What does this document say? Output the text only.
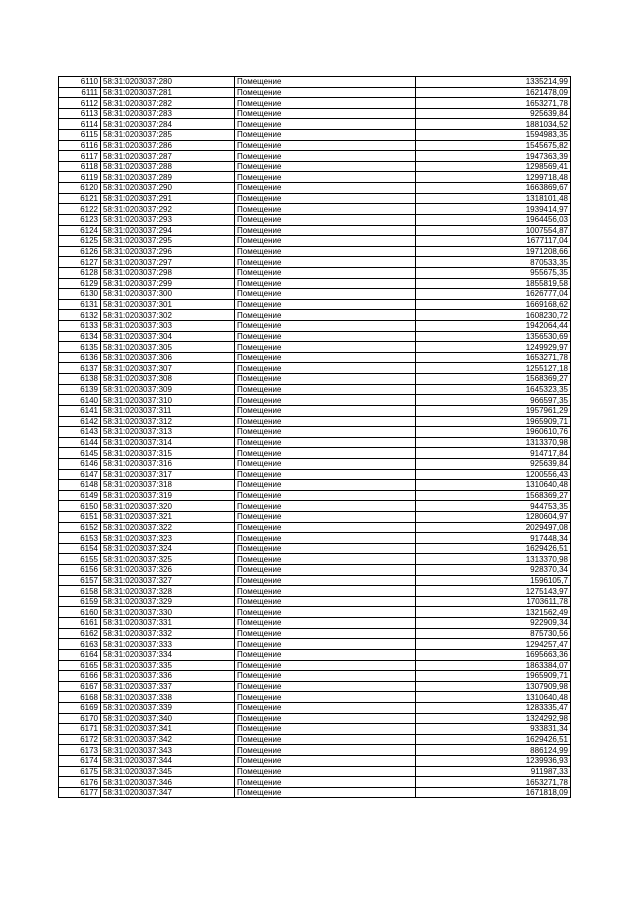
6110	58:31:0203037:280	Помещение	1335214,99
6111	58:31:0203037:281	Помещение	1621478,09
6112	58:31:0203037:282	Помещение	1653271,78
6113	58:31:0203037:283	Помещение	925639,84
6114	58:31:0203037:284	Помещение	1881034,52
6115	58:31:0203037:285	Помещение	1594983,35
6116	58:31:0203037:286	Помещение	1545675,82
6117	58:31:0203037:287	Помещение	1947363,39
6118	58:31:0203037:288	Помещение	1298569,41
6119	58:31:0203037:289	Помещение	1299718,48
6120	58:31:0203037:290	Помещение	1663869,67
6121	58:31:0203037:291	Помещение	1318101,48
6122	58:31:0203037:292	Помещение	1939414,97
6123	58:31:0203037:293	Помещение	1964456,03
6124	58:31:0203037:294	Помещение	1007554,87
6125	58:31:0203037:295	Помещение	1677117,04
6126	58:31:0203037:296	Помещение	1971208,66
6127	58:31:0203037:297	Помещение	870533,35
6128	58:31:0203037:298	Помещение	955675,35
6129	58:31:0203037:299	Помещение	1855819,58
6130	58:31:0203037:300	Помещение	1626777,04
6131	58:31:0203037:301	Помещение	1669168,62
6132	58:31:0203037:302	Помещение	1608230,72
6133	58:31:0203037:303	Помещение	1942064,44
6134	58:31:0203037:304	Помещение	1356530,69
6135	58:31:0203037:305	Помещение	1249929,97
6136	58:31:0203037:306	Помещение	1653271,78
6137	58:31:0203037:307	Помещение	1255127,18
6138	58:31:0203037:308	Помещение	1568369,27
6139	58:31:0203037:309	Помещение	1645323,35
6140	58:31:0203037:310	Помещение	966597,35
6141	58:31:0203037:311	Помещение	1957961,29
6142	58:31:0203037:312	Помещение	1965909,71
6143	58:31:0203037:313	Помещение	1960610,76
6144	58:31:0203037:314	Помещение	1313370,98
6145	58:31:0203037:315	Помещение	914717,84
6146	58:31:0203037:316	Помещение	925639,84
6147	58:31:0203037:317	Помещение	1200556,43
6148	58:31:0203037:318	Помещение	1310640,48
6149	58:31:0203037:319	Помещение	1568369,27
6150	58:31:0203037:320	Помещение	944753,35
6151	58:31:0203037:321	Помещение	1280604,97
6152	58:31:0203037:322	Помещение	2029497,08
6153	58:31:0203037:323	Помещение	917448,34
6154	58:31:0203037:324	Помещение	1629426,51
6155	58:31:0203037:325	Помещение	1313370,98
6156	58:31:0203037:326	Помещение	928370,34
6157	58:31:0203037:327	Помещение	1596105,7
6158	58:31:0203037:328	Помещение	1275143,97
6159	58:31:0203037:329	Помещение	1703611,78
6160	58:31:0203037:330	Помещение	1321562,49
6161	58:31:0203037:331	Помещение	922909,34
6162	58:31:0203037:332	Помещение	875730,56
6163	58:31:0203037:333	Помещение	1294257,47
6164	58:31:0203037:334	Помещение	1695663,36
6165	58:31:0203037:335	Помещение	1863384,07
6166	58:31:0203037:336	Помещение	1965909,71
6167	58:31:0203037:337	Помещение	1307909,98
6168	58:31:0203037:338	Помещение	1310640,48
6169	58:31:0203037:339	Помещение	1283335,47
6170	58:31:0203037:340	Помещение	1324292,98
6171	58:31:0203037:341	Помещение	933831,34
6172	58:31:0203037:342	Помещение	1629426,51
6173	58:31:0203037:343	Помещение	886124,99
6174	58:31:0203037:344	Помещение	1239936,93
6175	58:31:0203037:345	Помещение	911987,33
6176	58:31:0203037:346	Помещение	1653271,78
6177	58:31:0203037:347	Помещение	1671818,09
